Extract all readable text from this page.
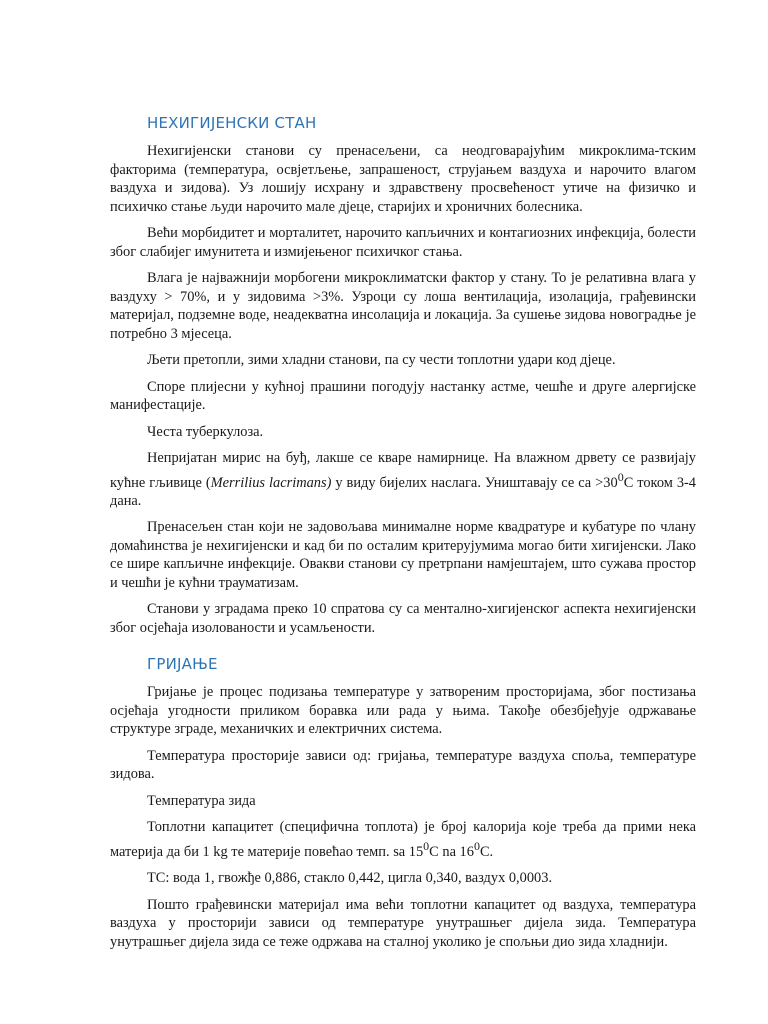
НЕХИГИЈЕНСКИ СТАН

Нехигијенски станови су пренасељени, са неодговарајућим микроклима-тским факторима (температура, освјетљење, запрашеност, струјањем ваздуха и нарочито влагом ваздуха и зидова). Уз лошију исхрану и здравствену просвећеност утиче на физичко и психичко стање људи нарочито мале дјеце, старијих и хроничних болесника.

Већи морбидитет и морталитет, нарочито капљичних и контагиозних инфекција, болести због слабијег имунитета и измијењеног психичког стања.

Влага је најважнији морбогени микроклиматски фактор у стану. То је релативна влага у ваздуху > 70%, и у зидовима >3%. Узроци су лоша вентилација, изолација, грађевински материјал, подземне воде, неадекватна инсолација и локација. За сушење зидова новоградње је потребно 3 мјесеца.

Љети претопли, зими хладни станови, па су чести топлотни удари код дјеце.

Споре плијесни у кућној прашини погодују настанку астме, чешће и друге алергијске манифестације.

Честа туберкулоза.

Непријатан мирис на буђ, лакше се кваре намирнице. На влажном дрвету се развијају кућне гљивице (Merrilius lacrimans) у виду бијелих наслага. Уништавају се са $>30^0C$ током 3-4 дана.

Пренасељен стан који не задовољава минималне норме квадратуре и кубатуре по члану домаћинства је нехигијенски и кад би по осталим критерујумима могао бити хигијенски. Лако се шире капљичне инфекције. Овакви станови су претрпани намјештајем, што сужава простор и чешћи је кућни трауматизам.

Станови у зградама преко 10 спратова су са ментално-хигијенског аспекта нехигијенски због осјећаја изолованости и усамљености.

ГРИЈАЊЕ

Гријање је процес подизања температуре у затвореним просторијама, због постизања осјећаја угодности приликом боравка или рада у њима. Такође обезбјеђује одржавање структуре зграде, механичких и електричних система.

Температура просторије зависи од: гријања, температуре ваздуха споља, температуре зидова.

Температура зида

Топлотни капацитет (специфична топлота) је број калорија које треба да прими нека материја да би 1 kg те материје повећао темп. sa $15^0C$ na $16^0C$.

TC: вода 1, гвожђе 0,886, стакло 0,442, цигла 0,340, ваздух 0,0003.

Пошто грађевински материјал има већи топлотни капацитет од ваздуха, температура ваздуха у просторији зависи од температуре унутрашњег дијела зида. Температура унутрашњег дијела зида се теже одржава на сталној уколико је спољњи дио зида хладнији.
